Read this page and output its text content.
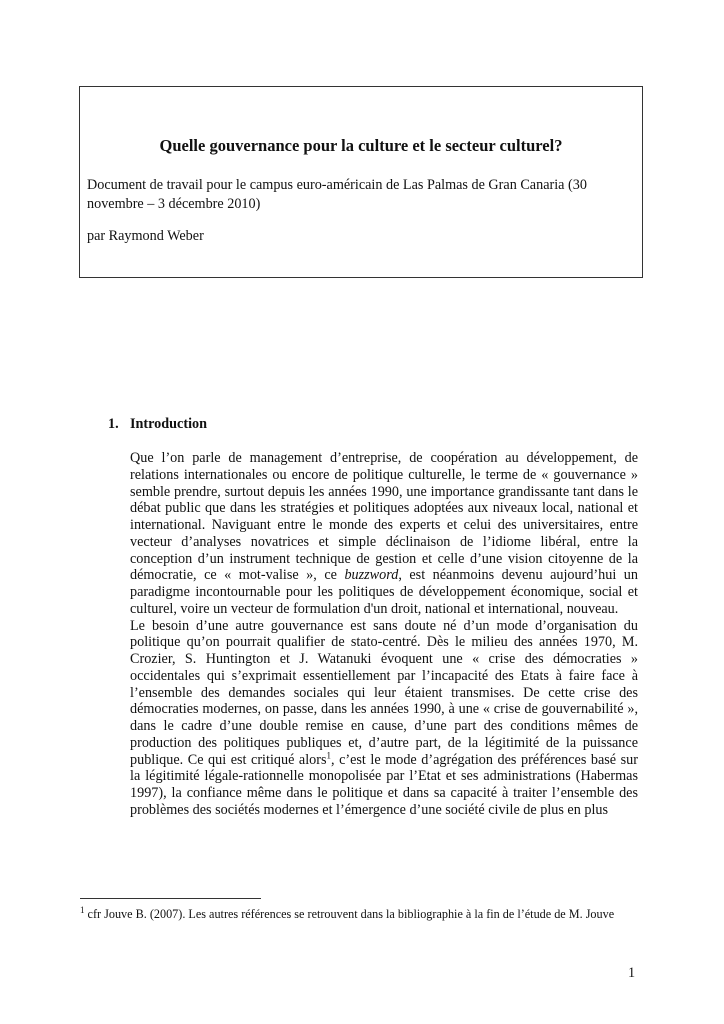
Quelle gouvernance pour la culture et le secteur culturel?
Document de travail pour le campus euro-américain de Las Palmas de Gran Canaria (30 novembre – 3 décembre 2010)
par Raymond Weber
1. Introduction

Que l’on parle de management d’entreprise, de coopération au développement, de relations internationales ou encore de politique culturelle, le terme de « gouvernance » semble prendre, surtout depuis les années 1990, une importance grandissante tant dans le débat public que dans les stratégies et politiques adoptées aux niveaux local, national et international. Naviguant entre le monde des experts et celui des universitaires, entre vecteur d’analyses novatrices et simple déclinaison de l’idiome libéral, entre la conception d’un instrument technique de gestion et celle d’une vision citoyenne de la démocratie, ce « mot-valise », ce buzzword, est néanmoins devenu aujourd’hui un paradigme incontournable pour les politiques de développement économique, social et culturel, voire un vecteur de formulation d'un droit, national et international, nouveau.

Le besoin d’une autre gouvernance est sans doute né d’un mode d’organisation du politique qu’on pourrait qualifier de stato-centré. Dès le milieu des années 1970, M. Crozier, S. Huntington et J. Watanuki évoquent une « crise des démocraties » occidentales qui s’exprimait essentiellement par l’incapacité des Etats à faire face à l’ensemble des demandes sociales qui leur étaient transmises. De cette crise des démocraties modernes, on passe, dans les années 1990, à une « crise de gouvernabilité », dans le cadre d’une double remise en cause, d’une part des conditions mêmes de production des politiques publiques et, d’autre part, de la légitimité de la puissance publique. Ce qui est critiqué alors$^1$, c’est le mode d’agrégation des préférences basé sur la légitimité légale-rationnelle monopolisée par l’Etat et ses administrations (Habermas 1997), la confiance même dans le politique et dans sa capacité à traiter l’ensemble des problèmes des sociétés modernes et l’émergence d’une société civile de plus en plus

$^1$ cfr Jouve B. (2007). Les autres références se retrouvent dans la bibliographie à la fin de l’étude de M. Jouve
1
